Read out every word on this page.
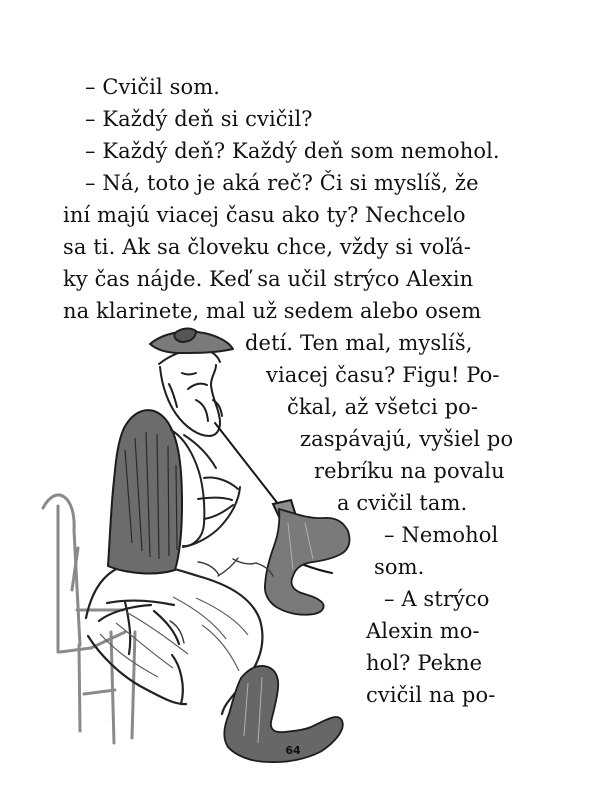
– Cvičil som.
– Každý deň si cvičil?
– Každý deň? Každý deň som nemohol.
– Ná, toto je aká reč? Či si myslíš, že
iní majú viacej času ako ty? Nechcelo
sa ti. Ak sa človeku chce, vždy si voľá-
ky čas nájde. Keď sa učil strýco Alexin
na klarinete, mal už sedem alebo osem
detí. Ten mal, myslíš,
viacej času? Figu! Po-
čkal, až všetci po-
zaspávajú, vyšiel po
rebríku na povalu
a cvičil tam.
– Nemohol
som.
– A strýco
Alexin mo-
hol? Pekne
cvičil na po-
64
